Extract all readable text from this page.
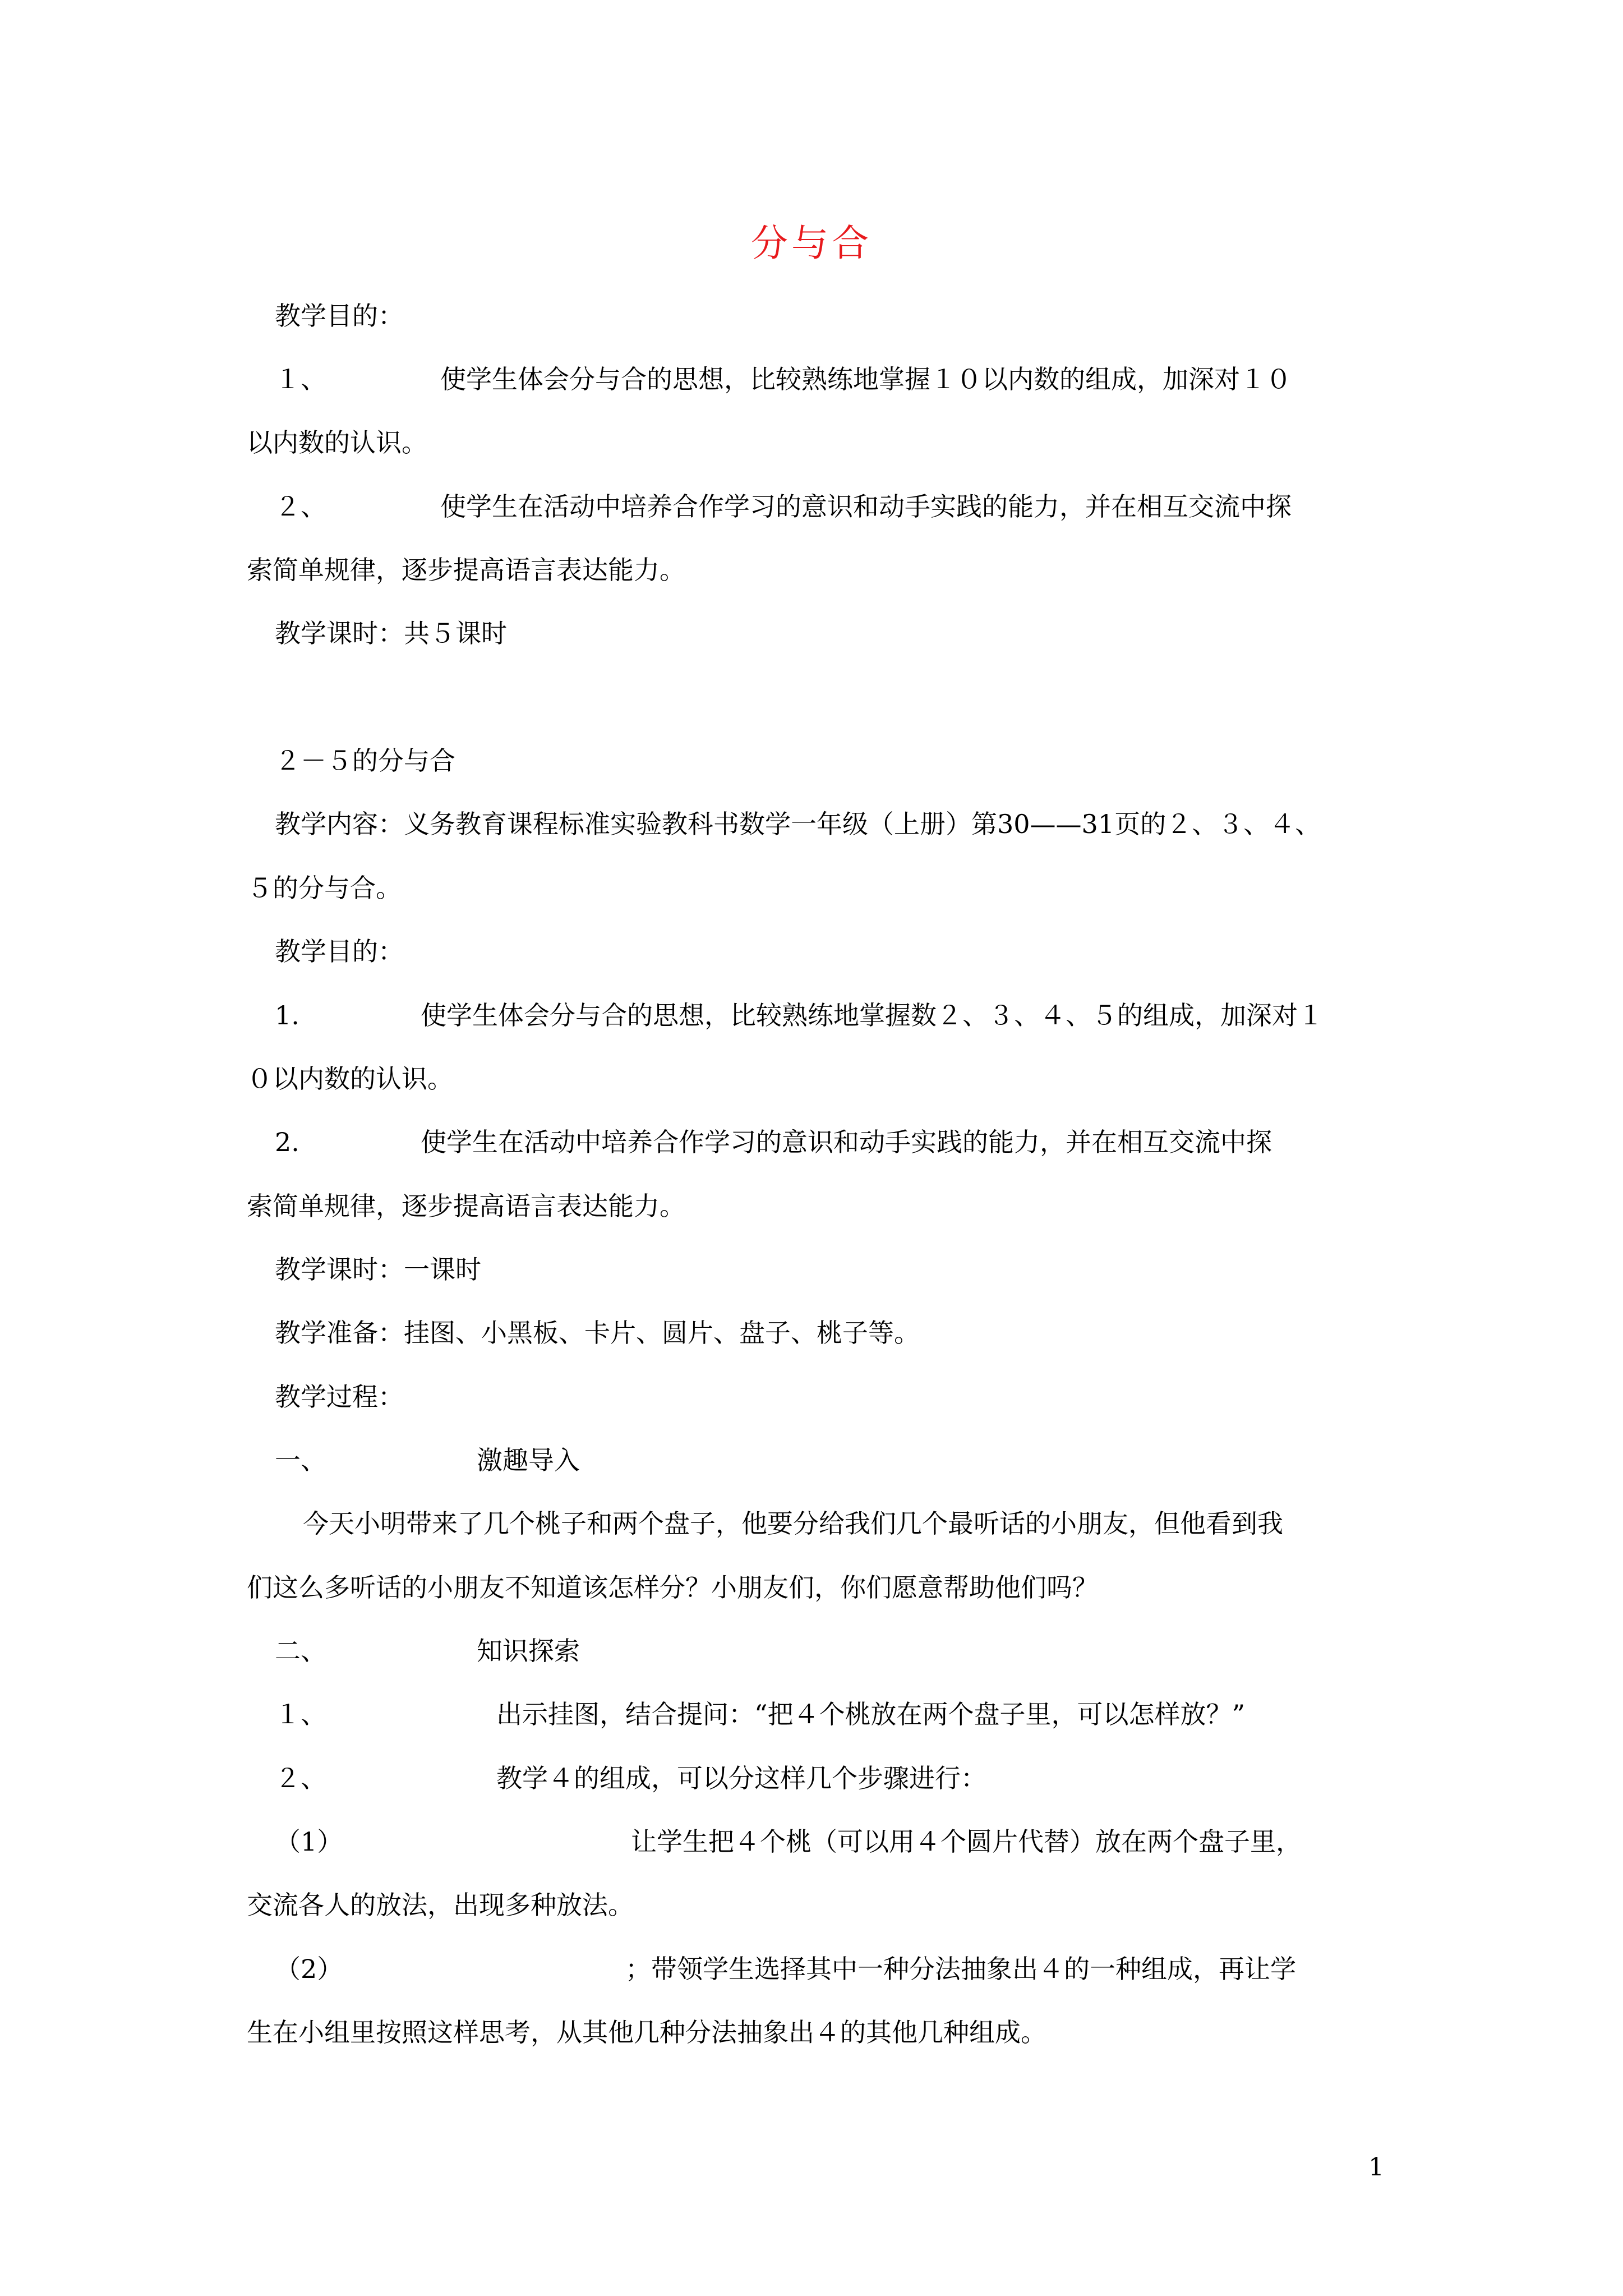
分与合
教学目的：
１、	使学生体会分与合的思想，比较熟练地掌握１０以内数的组成，加深对１０
以内数的认识。
２、	使学生在活动中培养合作学习的意识和动手实践的能力，并在相互交流中探
索简单规律，逐步提高语言表达能力。
教学课时：共５课时
２－５的分与合
教学内容：义务教育课程标准实验教科书数学一年级（上册）第30——31页的２、３、４、
５的分与合。
教学目的：
1.	使学生体会分与合的思想，比较熟练地掌握数２、３、４、５的组成，加深对１
０以内数的认识。
2.	使学生在活动中培养合作学习的意识和动手实践的能力，并在相互交流中探
索简单规律，逐步提高语言表达能力。
教学课时：一课时
教学准备：挂图、小黑板、卡片、圆片、盘子、桃子等。
教学过程：
一、	激趣导入
今天小明带来了几个桃子和两个盘子，他要分给我们几个最听话的小朋友，但他看到我
们这么多听话的小朋友不知道该怎样分？小朋友们，你们愿意帮助他们吗？
二、	知识探索
１、	出示挂图，结合提问：“把４个桃放在两个盘子里，可以怎样放？”
２、	教学４的组成，可以分这样几个步骤进行：
（1）	让学生把４个桃（可以用４个圆片代替）放在两个盘子里，
交流各人的放法，出现多种放法。
（2）	；带领学生选择其中一种分法抽象出４的一种组成，再让学
生在小组里按照这样思考，从其他几种分法抽象出４的其他几种组成。
1
